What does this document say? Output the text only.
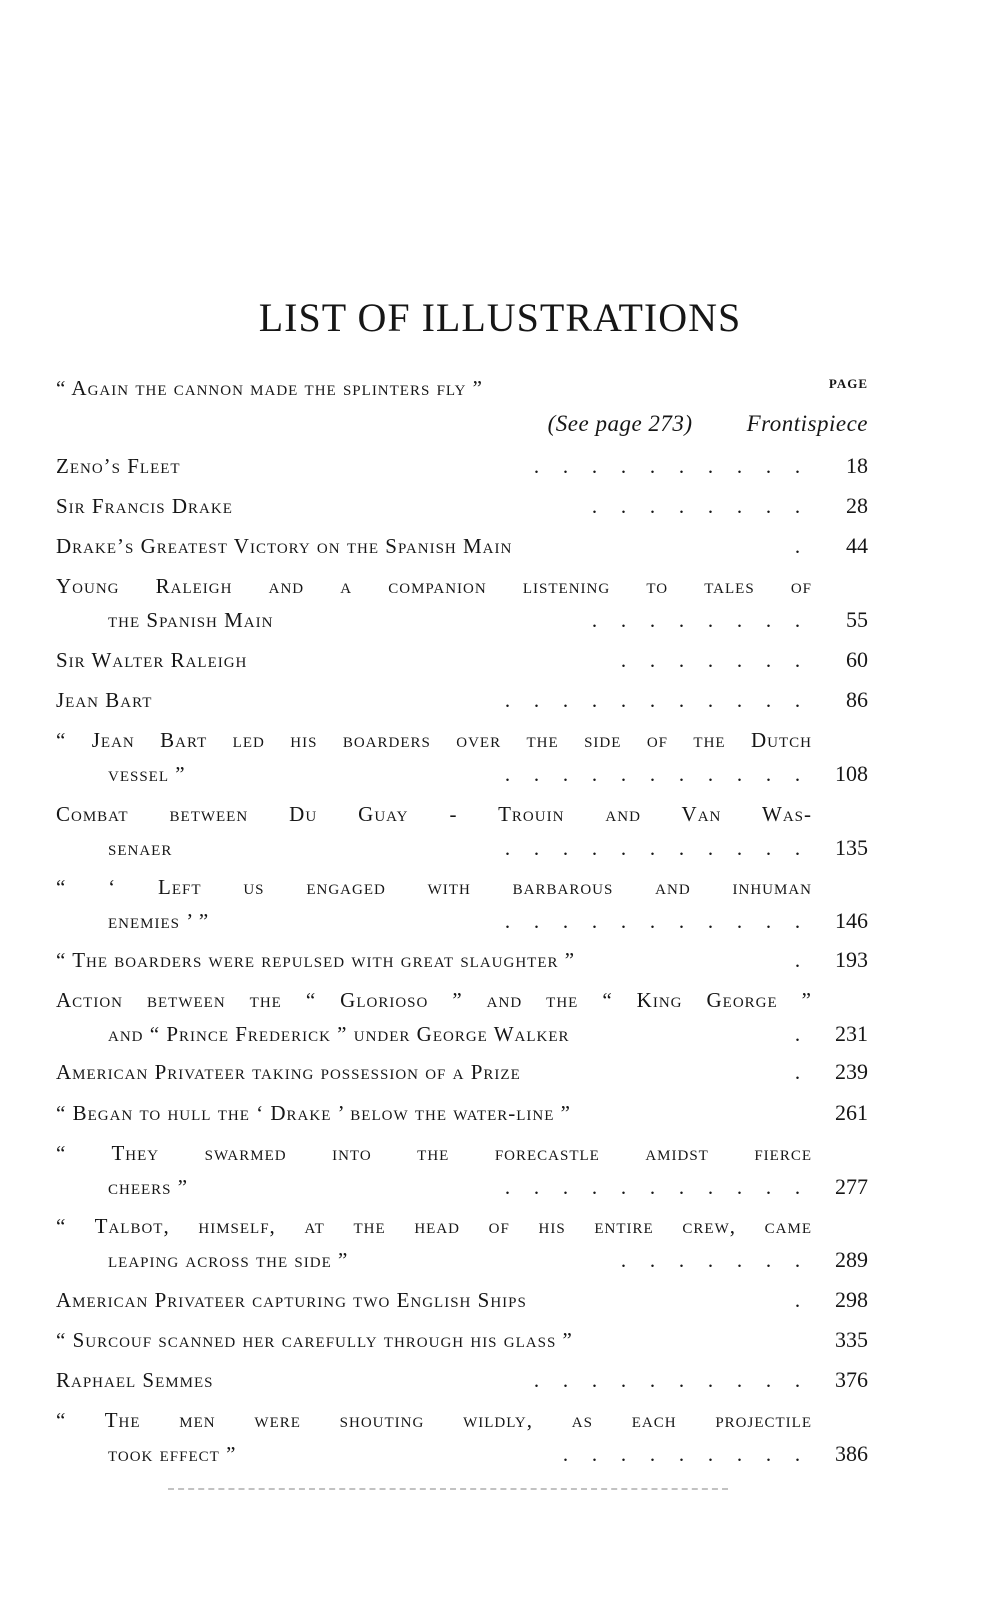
LIST OF ILLUSTRATIONS
PAGE
“ Again the cannon made the splinters fly ”
(See page 273) Frontispiece
Zeno’s Fleet	. . . . . . . . . .	18
Sir Francis Drake	. . . . . . . .	28
Drake’s Greatest Victory on the Spanish Main	.	44
Young Raleigh and a companion listening to tales of
the Spanish Main	. . . . . . . .	55
Sir Walter Raleigh	. . . . . . .	60
Jean Bart	. . . . . . . . . . .	86
“ Jean Bart led his boarders over the side of the Dutch
vessel ”	. . . . . . . . . . .	108
Combat between Du Guay - Trouin and Van Was-
senaer	. . . . . . . . . . .	135
“ ‘ Left us engaged with barbarous and inhuman
enemies ’ ”	. . . . . . . . . . .	146
“ The boarders were repulsed with great slaughter ”	.	193
Action between the “ Glorioso ” and the “ King George ”
and “ Prince Frederick ” under George Walker	.	231
American Privateer taking possession of a Prize	.	239
“ Began to hull the ‘ Drake ’ below the water-line ”	261
“ They swarmed into the forecastle amidst fierce
cheers ”	. . . . . . . . . . .	277
“ Talbot, himself, at the head of his entire crew, came
leaping across the side ”	. . . . . . .	289
American Privateer capturing two English Ships	.	298
“ Surcouf scanned her carefully through his glass ”	335
Raphael Semmes	. . . . . . . . . .	376
“ The men were shouting wildly, as each projectile
took effect ”	. . . . . . . . .	386
